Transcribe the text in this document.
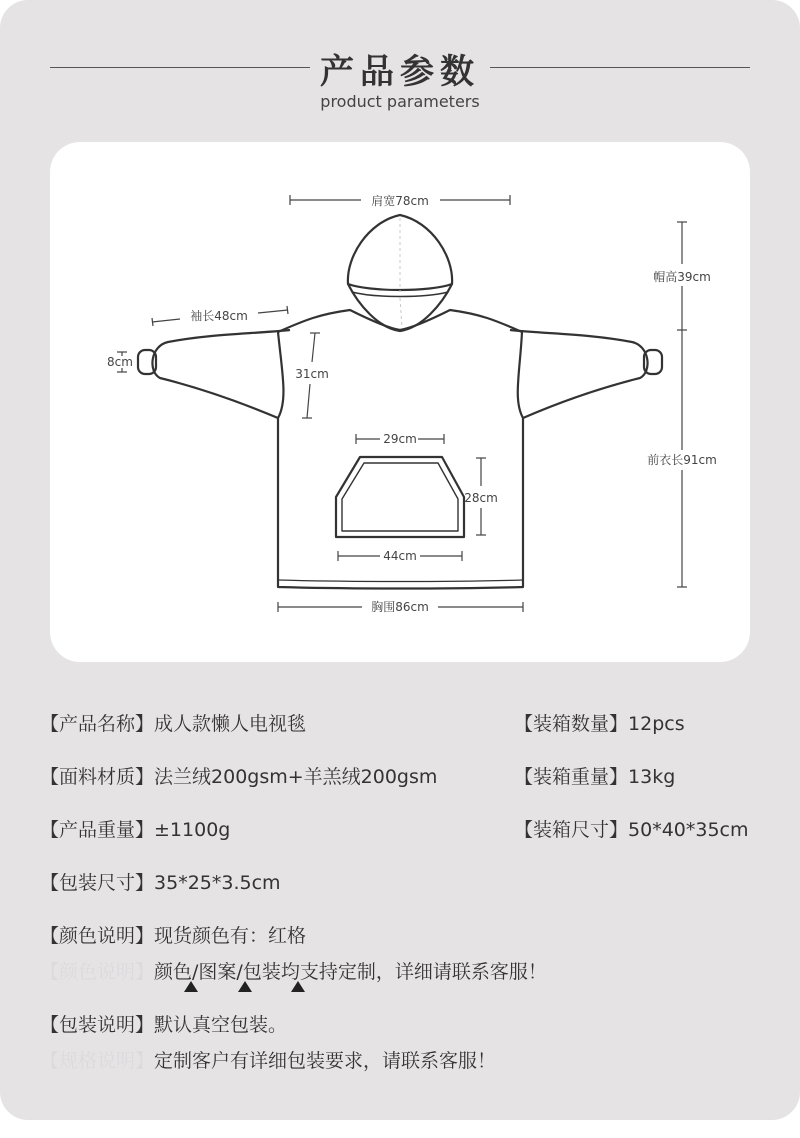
产品参数
product parameters
肩宽78cm
帽高39cm
袖长48cm
8cm
31cm
29cm
28cm
44cm
前衣长91cm
胸围86cm
【产品名称】成人款懒人电视毯
【面料材质】法兰绒200gsm+羊羔绒200gsm
【产品重量】±1100g
【包装尺寸】35*25*3.5cm
【颜色说明】现货颜色有：红格
【颜色说明】颜色/图案/包装均支持定制，详细请联系客服！
【包装说明】默认真空包装。
【规格说明】定制客户有详细包装要求，请联系客服！
【装箱数量】12pcs
【装箱重量】13kg
【装箱尺寸】50*40*35cm
